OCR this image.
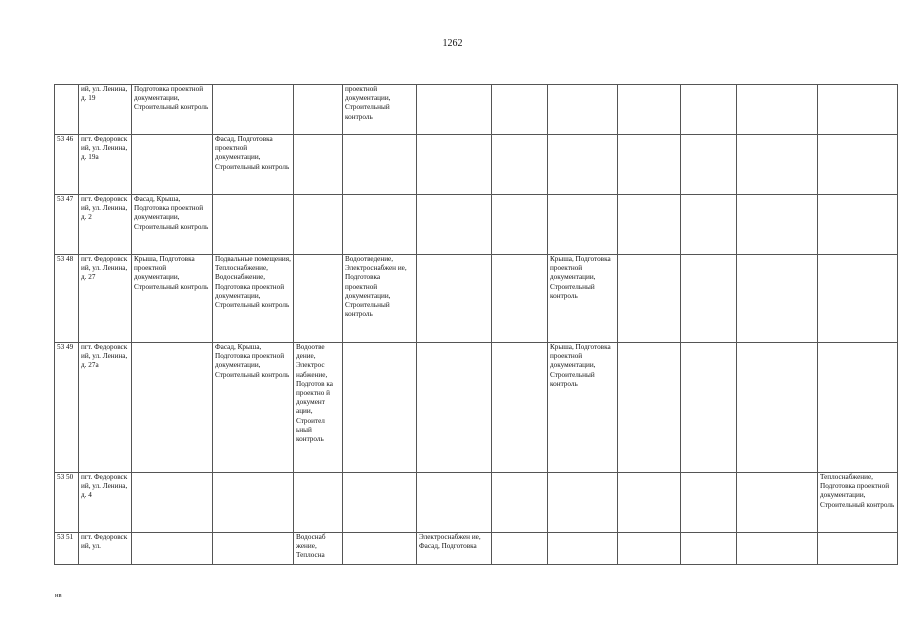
1262
	ий, ул. Ленина, д. 19	Подготовка проектной документации, Строительный контроль			проектной документации, Строительный контроль							
53 46	пгт. Федоровск ий, ул. Ленина, д. 19а		Фасад, Подготовка проектной документации, Строительный контроль									
53 47	пгт. Федоровск ий, ул. Ленина, д. 2	Фасад, Крыша, Подготовка проектной документации, Строительный контроль										
53 48	пгт. Федоровск ий, ул. Ленина, д. 27	Крыша, Подготовка проектной документации, Строительный контроль	Подвальные помещения, Теплоснабжение, Водоснабжение, Подготовка проектной документации, Строительный контроль		Водоотведение, Электроснабжен ие, Подготовка проектной документации, Строительный контроль			Крыша, Подготовка проектной документации, Строительный контроль				
53 49	пгт. Федоровск ий, ул. Ленина, д. 27а		Фасад, Крыша, Подготовка проектной документации, Строительный контроль	Водоотве дение, Электрос набжение, Подготов ка проектно й документ ации, Строител ьный контроль				Крыша, Подготовка проектной документации, Строительный контроль				
53 50	пгт. Федоровск ий, ул. Ленина, д. 4											Теплоснабжение, Подготовка проектной документации, Строительный контроль
53 51	пгт. Федоровск ий, ул.			Водоснаб жение, Теплосна		Электроснабжен ие, Фасад, Подготовка						
нв
